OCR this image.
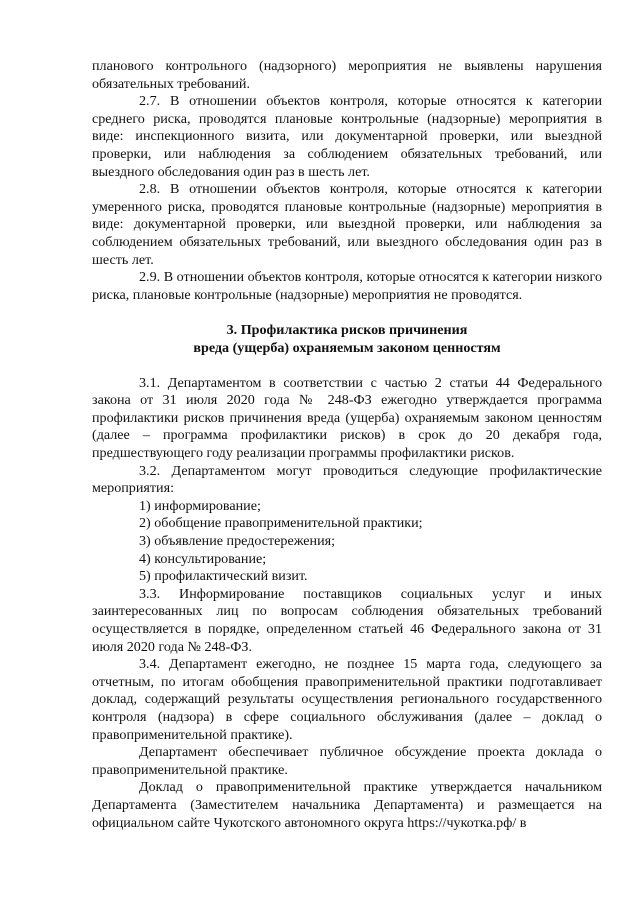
планового контрольного (надзорного) мероприятия не выявлены нарушения обязательных требований.

2.7. В отношении объектов контроля, которые относятся к категории среднего риска, проводятся плановые контрольные (надзорные) мероприятия в виде: инспекционного визита, или документарной проверки, или выездной проверки, или наблюдения за соблюдением обязательных требований, или выездного обследования один раз в шесть лет.

2.8. В отношении объектов контроля, которые относятся к категории умеренного риска, проводятся плановые контрольные (надзорные) мероприятия в виде: документарной проверки, или выездной проверки, или наблюдения за соблюдением обязательных требований, или выездного обследования один раз в шесть лет.

2.9. В отношении объектов контроля, которые относятся к категории низкого риска, плановые контрольные (надзорные) мероприятия не проводятся.

3. Профилактика рисков причинения

вреда (ущерба) охраняемым законом ценностям

3.1. Департаментом в соответствии с частью 2 статьи 44 Федерального закона от 31 июля 2020 года № 248-ФЗ ежегодно утверждается программа профилактики рисков причинения вреда (ущерба) охраняемым законом ценностям (далее – программа профилактики рисков) в срок до 20 декабря года, предшествующего году реализации программы профилактики рисков.

3.2. Департаментом могут проводиться следующие профилактические мероприятия:

1) информирование;

2) обобщение правоприменительной практики;

3) объявление предостережения;

4) консультирование;

5) профилактический визит.

3.3. Информирование поставщиков социальных услуг и иных заинтересованных лиц по вопросам соблюдения обязательных требований осуществляется в порядке, определенном статьей 46 Федерального закона от 31 июля 2020 года № 248-ФЗ.

3.4. Департамент ежегодно, не позднее 15 марта года, следующего за отчетным, по итогам обобщения правоприменительной практики подготавливает доклад, содержащий результаты осуществления регионального государственного контроля (надзора) в сфере социального обслуживания (далее – доклад о правоприменительной практике).

Департамент обеспечивает публичное обсуждение проекта доклада о правоприменительной практике.

Доклад о правоприменительной практике утверждается начальником Департамента (Заместителем начальника Департамента) и размещается на официальном сайте Чукотского автономного округа https://чукотка.рф/ в
